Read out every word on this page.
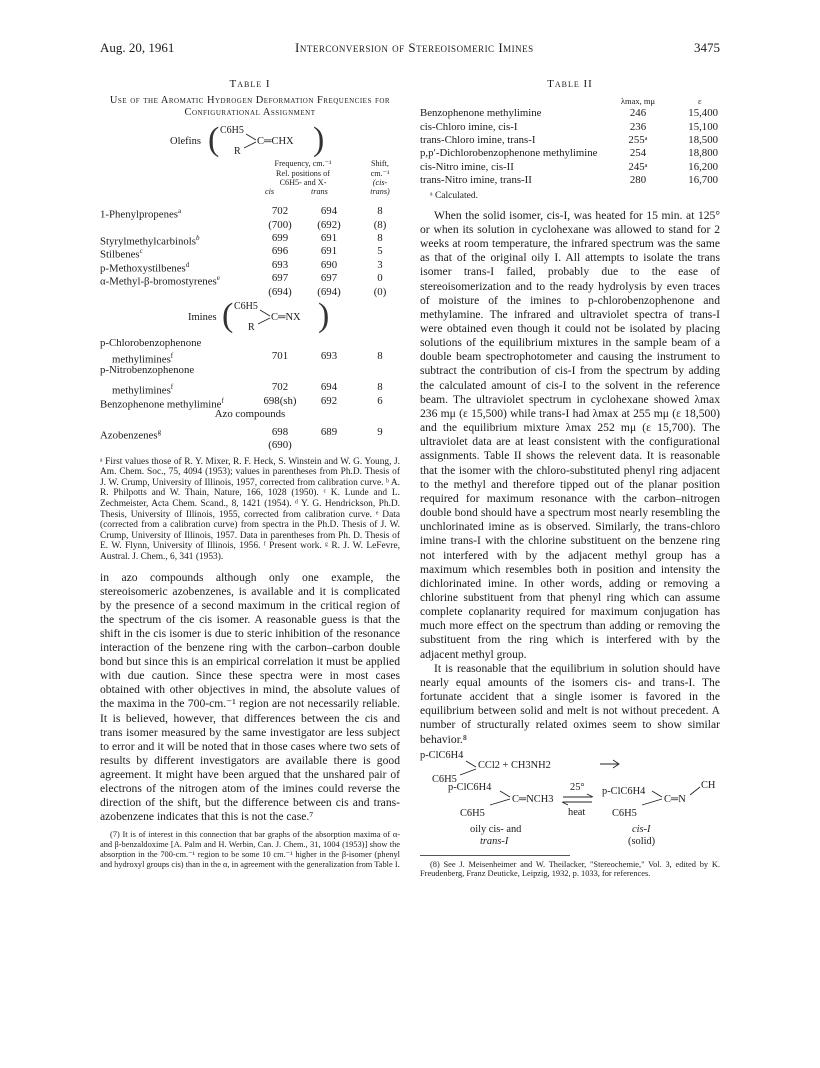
Aug. 20, 1961	Interconversion of Stereoisomeric Imines	3475
Table I
Use of the Aromatic Hydrogen Deformation Frequencies for Configurational Assignment
Olefins ( C6H5
R
C═CHX )
Frequency, cm.⁻¹
Rel. positions of
C6H5- and X-
cis	trans
Shift,
cm.⁻¹
(cis-
trans)
1-Phenylpropenes$^a$	702	694	8
(700)	(692)	(8)
Styrylmethylcarbinols$^b$	699	691	8
Stilbenes$^c$	696	691	5
p-Methoxystilbenes$^d$	693	690	3
α-Methyl-β-bromostyrenes$^e$	697	697	0
(694)	(694)	(0)
Imines ( C6H5
R
C═NX )
p-Chlorobenzophenone
methylimines$^f$	701	693	8
p-Nitrobenzophenone
methylimines$^f$	702	694	8
Benzophenone methylimine$^f$	698(sh)	692	6
Azo compounds
Azobenzenes$^g$	698	689	9
(690)
ᵃ First values those of R. Y. Mixer, R. F. Heck, S. Winstein and W. G. Young, J. Am. Chem. Soc., 75, 4094 (1953); values in parentheses from Ph.D. Thesis of J. W. Crump, University of Illinois, 1957, corrected from calibration curve. ᵇ A. R. Philpotts and W. Thain, Nature, 166, 1028 (1950). ᶜ K. Lunde and L. Zechmeister, Acta Chem. Scand., 8, 1421 (1954). ᵈ Y. G. Hendrickson, Ph.D. Thesis, University of Illinois, 1955, corrected from calibration curve. ᵉ Data (corrected from a calibration curve) from spectra in the Ph.D. Thesis of J. W. Crump, University of Illinois, 1957. Data in parentheses from Ph. D. Thesis of E. W. Flynn, University of Illinois, 1956. ᶠ Present work. ᵍ R. J. W. LeFevre, Austral. J. Chem., 6, 341 (1953).

in azo compounds although only one example, the stereoisomeric azobenzenes, is available and it is complicated by the presence of a second maximum in the critical region of the spectrum of the cis isomer. A reasonable guess is that the shift in the cis isomer is due to steric inhibition of the resonance interaction of the benzene ring with the carbon–carbon double bond but since this is an empirical correlation it must be applied with due caution. Since these spectra were in most cases obtained with other objectives in mind, the absolute values of the maxima in the 700-cm.⁻¹ region are not necessarily reliable. It is believed, however, that differences between the cis and trans isomer measured by the same investigator are less subject to error and it will be noted that in those cases where two sets of results by different investigators are available there is good agreement. It might have been argued that the unshared pair of electrons of the nitrogen atom of the imines could reverse the direction of the shift, but the difference between cis and trans-azobenzene indicates that this is not the case.⁷

(7) It is of interest in this connection that bar graphs of the absorption maxima of α- and β-benzaldoxime [A. Palm and H. Werbin, Can. J. Chem., 31, 1004 (1953)] show the absorption in the 700-cm.⁻¹ region to be some 10 cm.⁻¹ higher in the β-isomer (phenyl and hydroxyl groups cis) than in the α, in agreement with the generalization from Table I.
Table II
λmax, mμ	ε
Benzophenone methylimine	246	15,400
cis-Chloro imine, cis-I	236	15,100
trans-Chloro imine, trans-I	255ᵃ	18,500
p,p′-Dichlorobenzophenone methylimine	254	18,800
cis-Nitro imine, cis-II	245ᵃ	16,200
trans-Nitro imine, trans-II	280	16,700
ᵃ Calculated.

When the solid isomer, cis-I, was heated for 15 min. at 125° or when its solution in cyclohexane was allowed to stand for 2 weeks at room temperature, the infrared spectrum was the same as that of the original oily I. All attempts to isolate the trans isomer trans-I failed, probably due to the ease of stereoisomerization and to the ready hydrolysis by even traces of moisture of the imines to p-chlorobenzophenone and methylamine. The infrared and ultraviolet spectra of trans-I were obtained even though it could not be isolated by placing solutions of the equilibrium mixtures in the sample beam of a double beam spectrophotometer and causing the instrument to subtract the contribution of cis-I from the spectrum by adding the calculated amount of cis-I to the solvent in the reference beam. The ultraviolet spectrum in cyclohexane showed λmax 236 mμ (ε 15,500) while trans-I had λmax at 255 mμ (ε 18,500) and the equilibrium mixture λmax 252 mμ (ε 15,700). The ultraviolet data are at least consistent with the configurational assignments. Table II shows the relevent data. It is reasonable that the isomer with the chloro-substituted phenyl ring adjacent to the methyl and therefore tipped out of the planar position required for maximum resonance with the carbon–nitrogen double bond should have a spectrum most nearly resembling the unchlorinated imine as is observed. Similarly, the trans-chloro imine trans-I with the chlorine substituent on the benzene ring not interfered with by the adjacent methyl group has a maximum which resembles both in position and intensity the dichlorinated imine. In other words, adding or removing a chlorine substituent from that phenyl ring which can assume complete coplanarity required for maximum conjugation has much more effect on the spectrum than adding or removing the substituent from the ring which is interfered with by the adjacent methyl group.

It is reasonable that the equilibrium in solution should have nearly equal amounts of the isomers cis- and trans-I. The fortunate accident that a single isomer is favored in the equilibrium between solid and melt is not without precedent. A number of structurally related oximes seem to show similar behavior.⁸

p-ClC6H4
CCl2 + CH3NH2
C6H5
p-ClC6H4
C═NCH3
C6H5
25°
heat
p-ClC6H4
C═N
C6H5
CH
oily cis- and
trans-I
cis-I
(solid)
(8) See J. Meisenheimer and W. Theilacker, "Stereochemie," Vol. 3, edited by K. Freudenberg, Franz Deuticke, Leipzig, 1932, p. 1033, for references.
